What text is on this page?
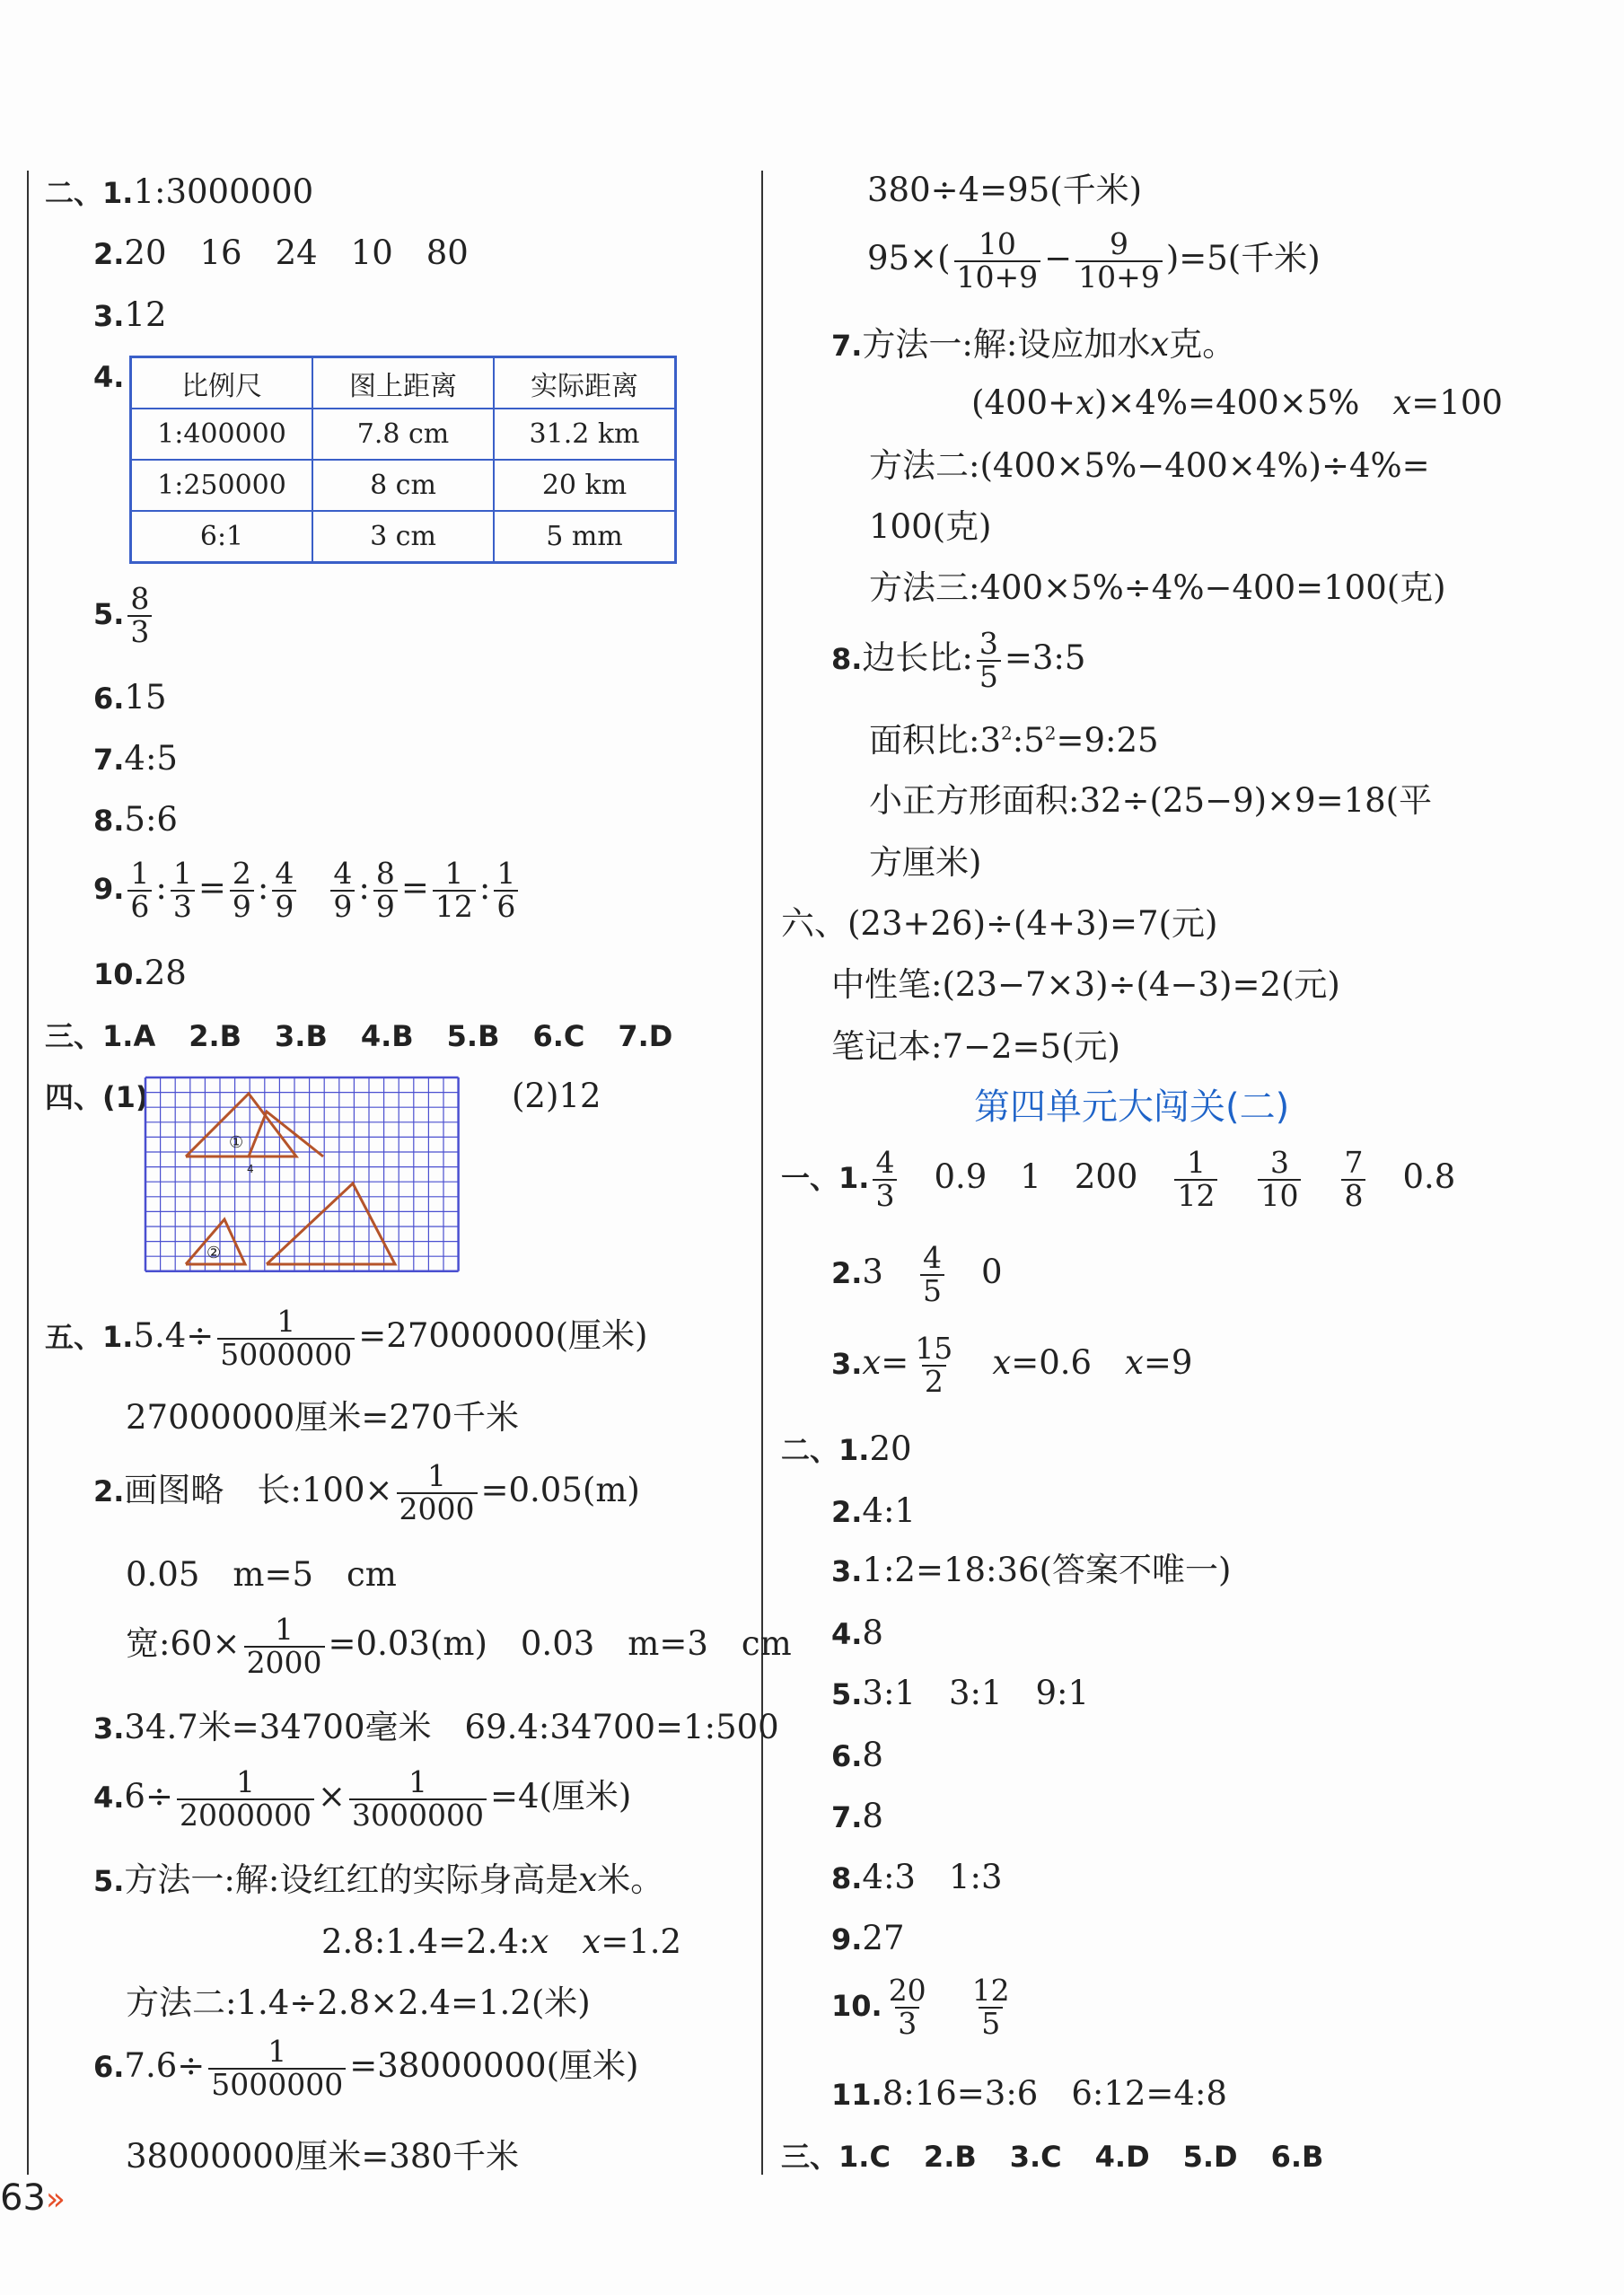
二、1.1:3000000
2.20　16　24　10　80
3.12
4. 比例尺	图上距离	实际距离
1:400000	7.8 cm	31.2 km
1:250000	8 cm	20 km
6:1	3 cm	5 mm
5. $\frac{8}{3}$
6.15
7.4:5
8.5:6
9. $\frac{1}{6}$ : $\frac{1}{3} = \frac{2}{9}$ : $\frac{4}{9} \frac{4}{9}$ : $\frac{8}{9} = \frac{1}{12}$ : $\frac{1}{6}$
10.28
三、1.A　 2.B　 3.B　 4.B　 5.B　 6.C　 7.D
四、(1)	(2)12
①
4
②
五、$1.5.4\div \frac{1}{5000000} =27000000$(厘米)
27000000厘米=270千米
2.画图略　长:100× $\frac{1}{2000} =0.05(m)$
0.05　m=5　cm
宽:60× $\frac{1}{2000} =0.03(m)$　0.03　m=3　cm
3.34.7米=34700毫米　69.4:34700=1:500
$4.6\div \frac{1}{2000000} \times \frac{1}{3000000} =4$(厘米)
5.方法一:解:设红红的实际身高是x米。
2.8:1.4=2.4:x　 x=1.2
方法二:1.4÷2.8×2.4=1.2(米)
$6.7.6\div \frac{1}{5000000} =38000000$(厘米)
38000000厘米=380千米
380÷4=95(千米)
$95\times( \frac{10}{10+9} - \frac{9}{10+9} )=5$(千米)
7.方法一:解:设应加水x克。
(400+x)×4%=400×5%　x=100
方法二:(400×5%−400×4%)÷4%=
100(克)
方法三:400×5%÷4%−400=100(克)
8.边长比: $\frac{3}{5}$ =3:5
面积比$:3^2:5^2=9:25$
小正方形面积:32÷(25−9)×9=18(平
方厘米)
六、(23+26)÷(4+3)=7(元)
中性笔:(23−7×3)÷(4−3)=2(元)
笔记本:7−2=5(元)
第四单元大闯关(二)
一、1. $\frac{4}{3}$
　 0.9　1　200　 $\frac{1}{12}$
　 $\frac{3}{10}$
　 $\frac{7}{8}$
　 0.8
2.3　 $\frac{4}{5}$
　 0
$3.x= \frac{15}{2}$
　 x=0.6　x=9
二、1.20
2.4:1
3.1:2=18:36(答案不唯一)
4.8
5.3:1　3:1　9:1
6.8
7.8
8.4:3　1:3
9.27
10. $\frac{20}{3}$
　 $\frac{12}{5}$
11.8:16=3:6　6:12=4:8
三、1.C　 2.B　 3.C　 4.D　 5.D　 6.B
63»
